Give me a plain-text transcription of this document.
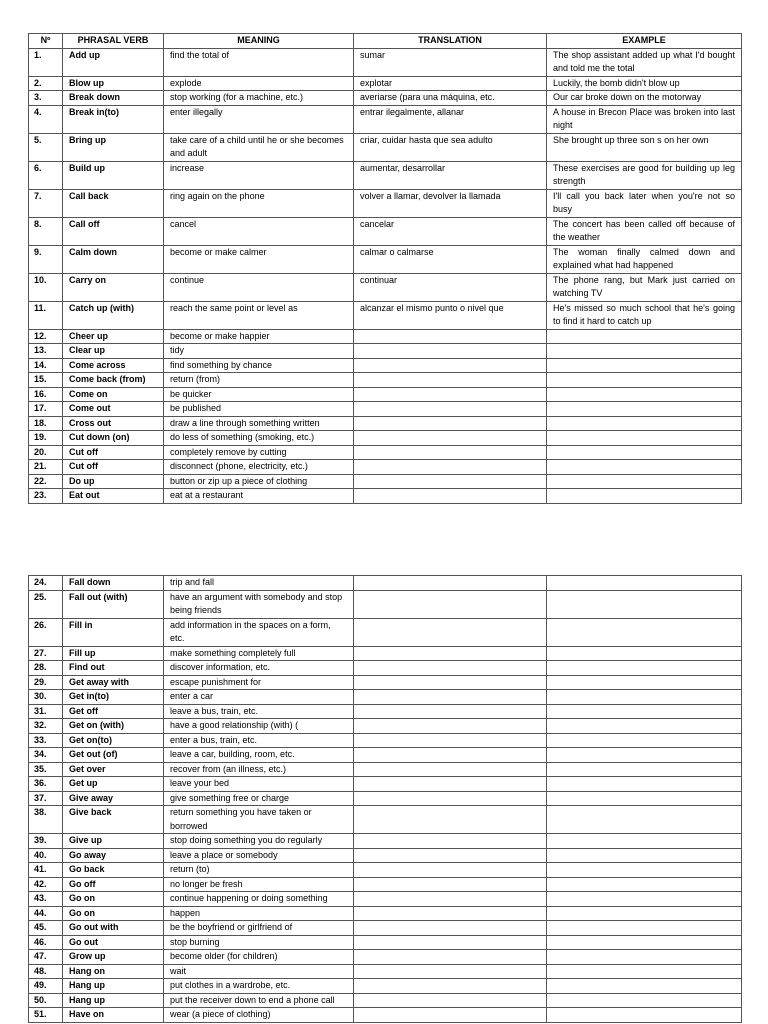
Nº	PHRASAL VERB	MEANING	TRANSLATION	EXAMPLE
1.	Add up	find the total of	sumar	The shop assistant added up what I'd bought and told me the total
2.	Blow up	explode	explotar	Luckily, the bomb didn't blow up
3.	Break down	stop working (for a machine, etc.)	averiarse (para una máquina, etc.	Our car broke down on the motorway
4.	Break in(to)	enter illegally	entrar ilegalmente, allanar	A house in Brecon Place was broken into last night
5.	Bring up	take care of a child until he or she becomes and adult	criar, cuidar hasta que sea adulto	She brought up three son s on her own
6.	Build up	increase	aumentar, desarrollar	These exercises are good for building up leg strength
7.	Call back	ring again on the phone	volver a llamar, devolver la llamada	I'll call you back later when you're not so busy
8.	Call off	cancel	cancelar	The concert has been called off because of the weather
9.	Calm down	become or make calmer	calmar o calmarse	The woman finally calmed down and explained what had happened
10.	Carry on	continue	continuar	The phone rang, but Mark just carried on watching TV
11.	Catch up (with)	reach the same point or level as	alcanzar el mismo punto o nivel que	He's missed so much school that he's going to find it hard to catch up
12.	Cheer up	become or make happier		
13.	Clear up	tidy		
14.	Come across	find something by chance		
15.	Come back (from)	return (from)		
16.	Come on	be quicker		
17.	Come out	be published		
18.	Cross out	draw a line through something written		
19.	Cut down (on)	do less of something (smoking, etc.)		
20.	Cut off	completely remove by cutting		
21.	Cut off	disconnect (phone, electricity, etc.)		
22.	Do up	button or zip up a piece of clothing		
23.	Eat out	eat at a restaurant		
24.	Fall down	trip and fall		
25.	Fall out (with)	have an argument with somebody and stop being friends		
26.	Fill in	add information in the spaces on a form, etc.		
27.	Fill up	make something completely full		
28.	Find out	discover information, etc.		
29.	Get away with	escape punishment for		
30.	Get in(to)	enter a car		
31.	Get off	leave a bus, train, etc.		
32.	Get on (with)	have a good relationship (with) (		
33.	Get on(to)	enter a bus, train, etc.		
34.	Get out (of)	leave a car, building, room, etc.		
35.	Get over	recover from (an illness, etc.)		
36.	Get up	leave your bed		
37.	Give away	give something free or charge		
38.	Give back	return something you have taken or borrowed		
39.	Give up	stop doing something you do regularly		
40.	Go away	leave a place or somebody		
41.	Go back	return (to)		
42.	Go off	no longer be fresh		
43.	Go on	continue happening or doing something		
44.	Go on	happen		
45.	Go out with	be the boyfriend or girlfriend of		
46.	Go out	stop burning		
47.	Grow up	become older (for children)		
48.	Hang on	wait		
49.	Hang up	put clothes in a wardrobe, etc.		
50.	Hang up	put the receiver down to end a phone call		
51.	Have on	wear (a piece of clothing)		
